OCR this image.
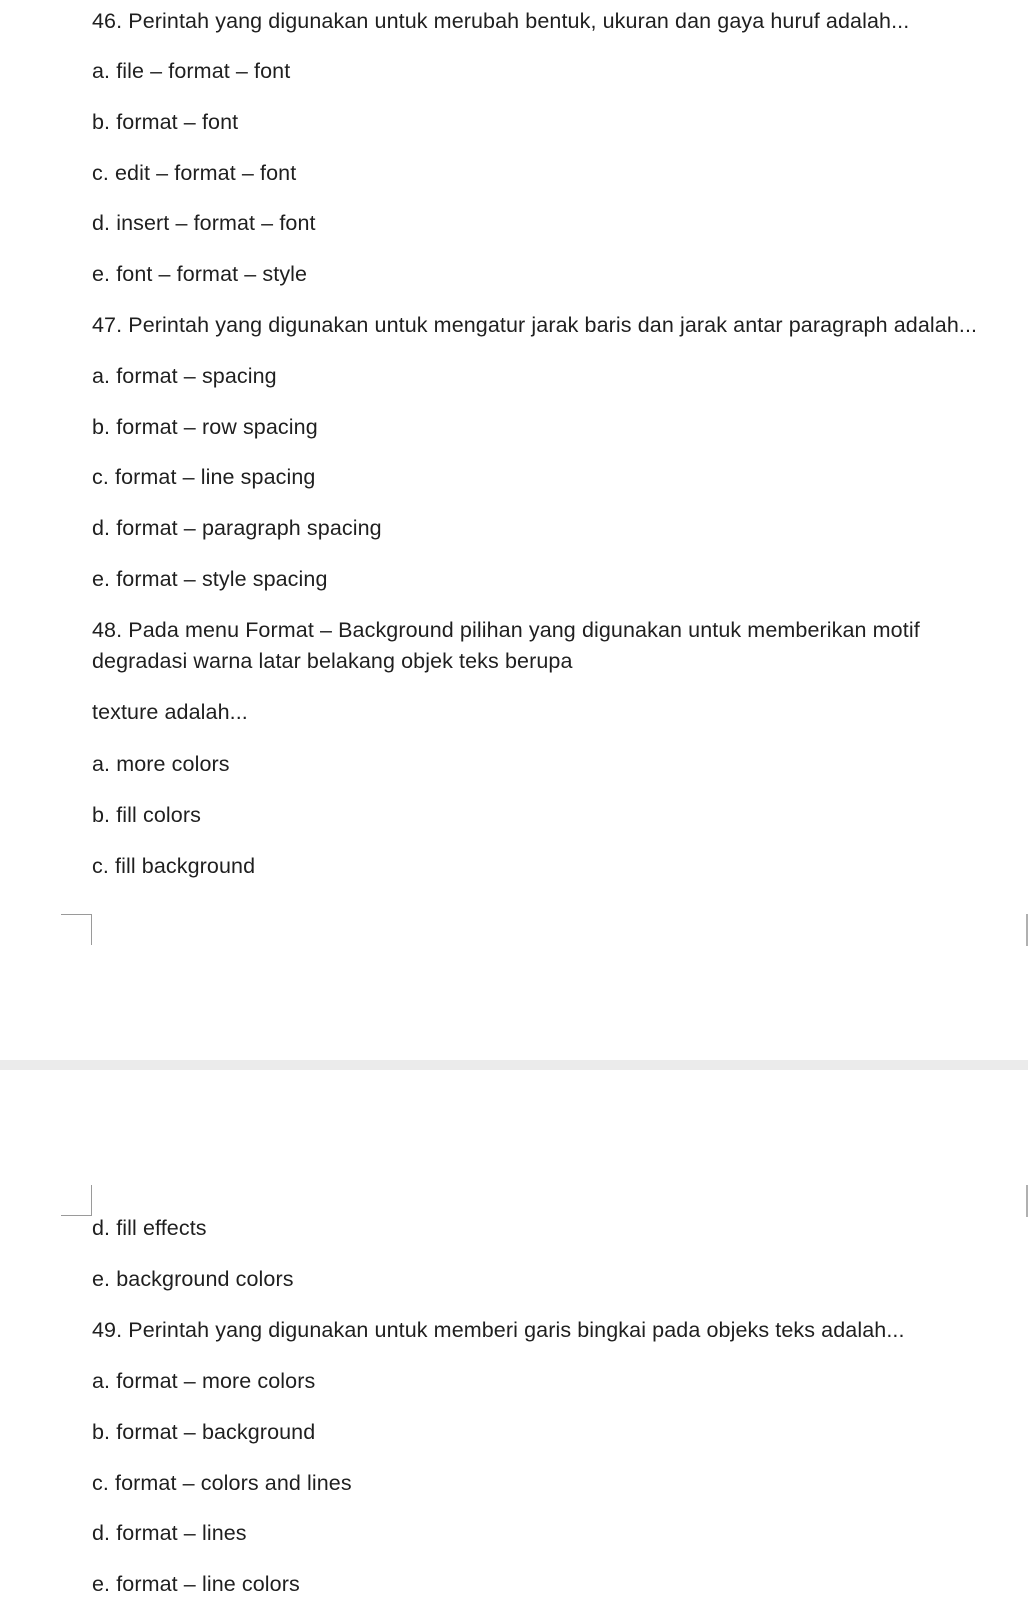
46. Perintah yang digunakan untuk merubah bentuk, ukuran dan gaya huruf adalah...
a. file – format – font
b. format – font
c. edit – format – font
d. insert – format – font
e. font – format – style
47. Perintah yang digunakan untuk mengatur jarak baris dan jarak antar paragraph adalah...
a. format – spacing
b. format – row spacing
c. format – line spacing
d. format – paragraph spacing
e. format – style spacing
48. Pada menu Format – Background pilihan yang digunakan untuk memberikan motif
degradasi warna latar belakang objek teks berupa
texture adalah...
a. more colors
b. fill colors
c. fill background
d. fill effects
e. background colors
49. Perintah yang digunakan untuk memberi garis bingkai pada objeks teks adalah...
a. format – more colors
b. format – background
c. format – colors and lines
d. format – lines
e. format – line colors
